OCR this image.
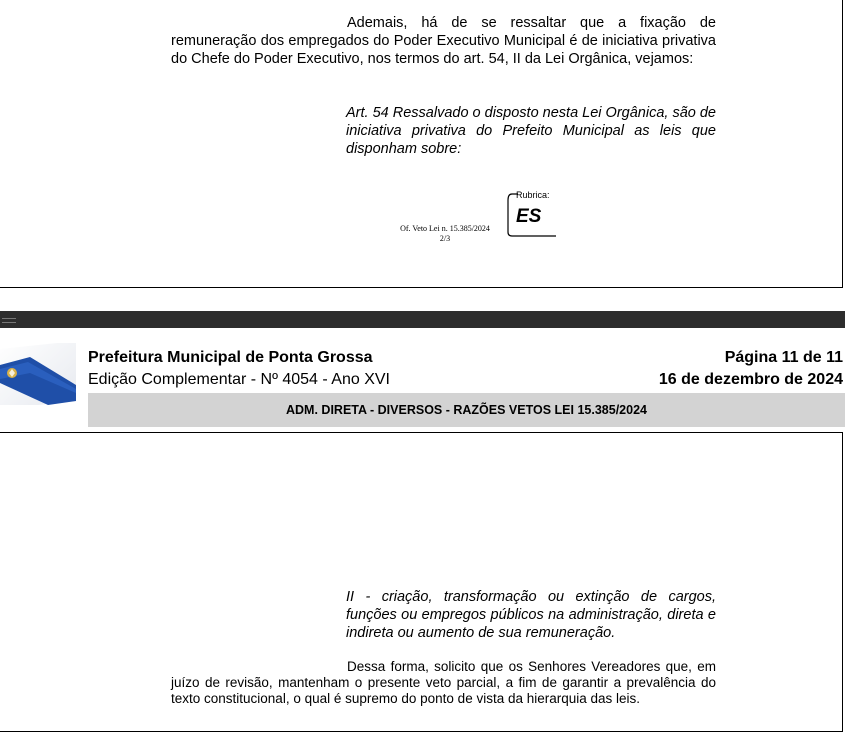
Ademais, há de se ressaltar que a fixação de remuneração dos empregados do Poder Executivo Municipal é de iniciativa privativa do Chefe do Poder Executivo, nos termos do art. 54, II da Lei Orgânica, vejamos:

Art. 54 Ressalvado o disposto nesta Lei Orgânica, são de iniciativa privativa do Prefeito Municipal as leis que disponham sobre:

Of. Veto Lei n. 15.385/2024
2/3
Rubrica:
ES
Prefeitura Municipal de Ponta Grossa
Edição Complementar - Nº 4054 - Ano XVI
Página 11 de 11
16 de dezembro de 2024
ADM. DIRETA - DIVERSOS - RAZÕES VETOS LEI 15.385/2024

II - criação, transformação ou extinção de cargos, funções ou empregos públicos na administração, direta e indireta ou aumento de sua remuneração.

Dessa forma, solicito que os Senhores Vereadores que, em juízo de revisão, mantenham o presente veto parcial, a fim de garantir a prevalência do texto constitucional, o qual é supremo do ponto de vista da hierarquia das leis.
